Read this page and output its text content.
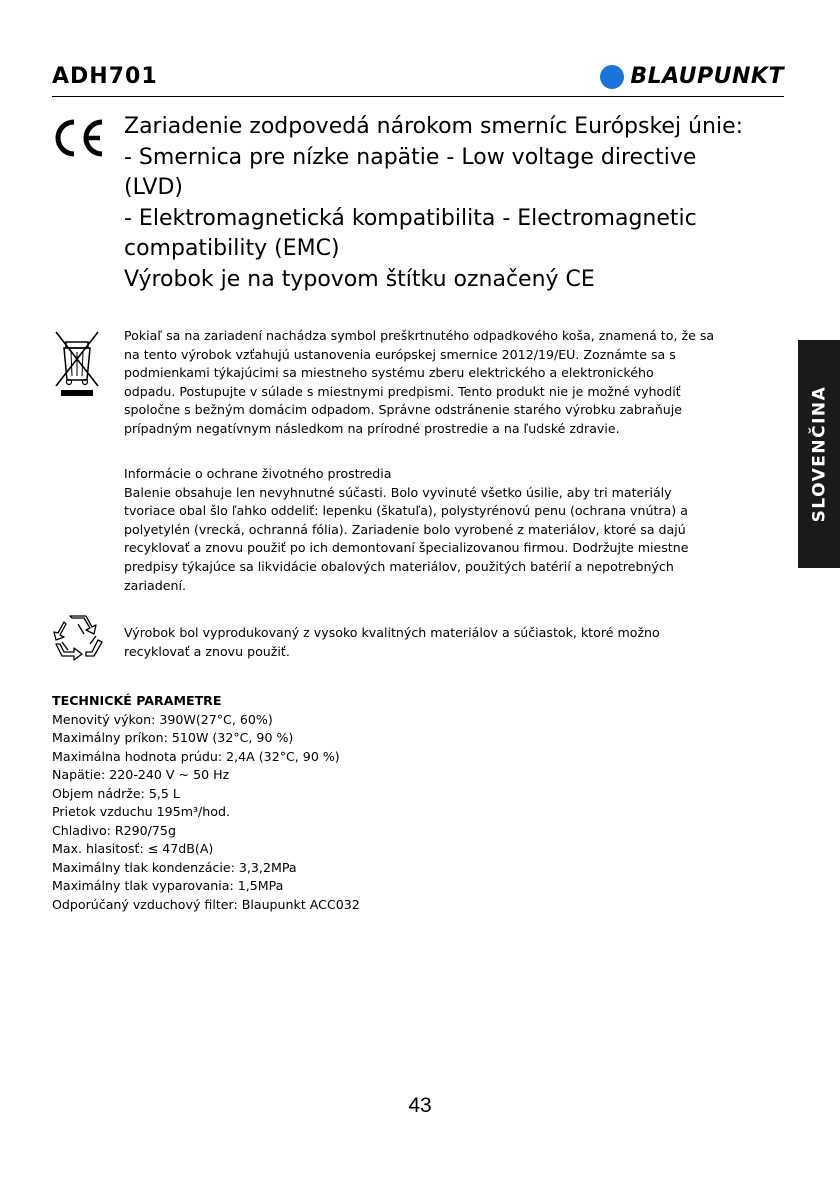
ADH701	BLAUPUNKT

Zariadenie zodpovedá nárokom smerníc Európskej únie:

- Smernica pre nízke napätie - Low voltage directive

(LVD)

- Elektromagnetická kompatibilita - Electromagnetic

compatibility (EMC)

Výrobok je na typovom štítku označený CE

Pokiaľ sa na zariadení nachádza symbol preškrtnutého odpadkového koša, znamená to, že sa

na tento výrobok vzťahujú ustanovenia európskej smernice 2012/19/EU. Zoznámte sa s

podmienkami týkajúcimi sa miestneho systému zberu elektrického a elektronického

odpadu. Postupujte v súlade s miestnymi predpismi. Tento produkt nie je možné vyhodiť

spoločne s bežným domácim odpadom. Správne odstránenie starého výrobku zabraňuje

prípadným negatívnym následkom na prírodné prostredie a na ľudské zdravie.

Informácie o ochrane životného prostredia

Balenie obsahuje len nevyhnutné súčasti. Bolo vyvinuté všetko úsilie, aby tri materiály

tvoriace obal šlo ľahko oddeliť: lepenku (škatuľa), polystyrénovú penu (ochrana vnútra) a

polyetylén (vrecká, ochranná fólia). Zariadenie bolo vyrobené z materiálov, ktoré sa dajú

recyklovať a znovu použiť po ich demontovaní špecializovanou firmou. Dodržujte miestne

predpisy týkajúce sa likvidácie obalových materiálov, použitých batérií a nepotrebných

zariadení.

Výrobok bol vyprodukovaný z vysoko kvalitných materiálov a súčiastok, ktoré možno

recyklovať a znovu použiť.

SLOVENČINA

TECHNICKÉ PARAMETRE

Menovitý výkon: 390W(27°C, 60%)
Maximálny príkon: 510W (32°C, 90 %)
Maximálna hodnota prúdu: 2,4A (32°C, 90 %)
Napätie: 220-240 V ~ 50 Hz
Objem nádrže: 5,5 L
Prietok vzduchu 195m³/hod.
Chladivo: R290/75g
Max. hlasitosť: ≤ 47dB(A)
Maximálny tlak kondenzácie: 3,3,2MPa
Maximálny tlak vyparovania: 1,5MPa
Odporúčaný vzduchový filter: Blaupunkt ACC032
43
